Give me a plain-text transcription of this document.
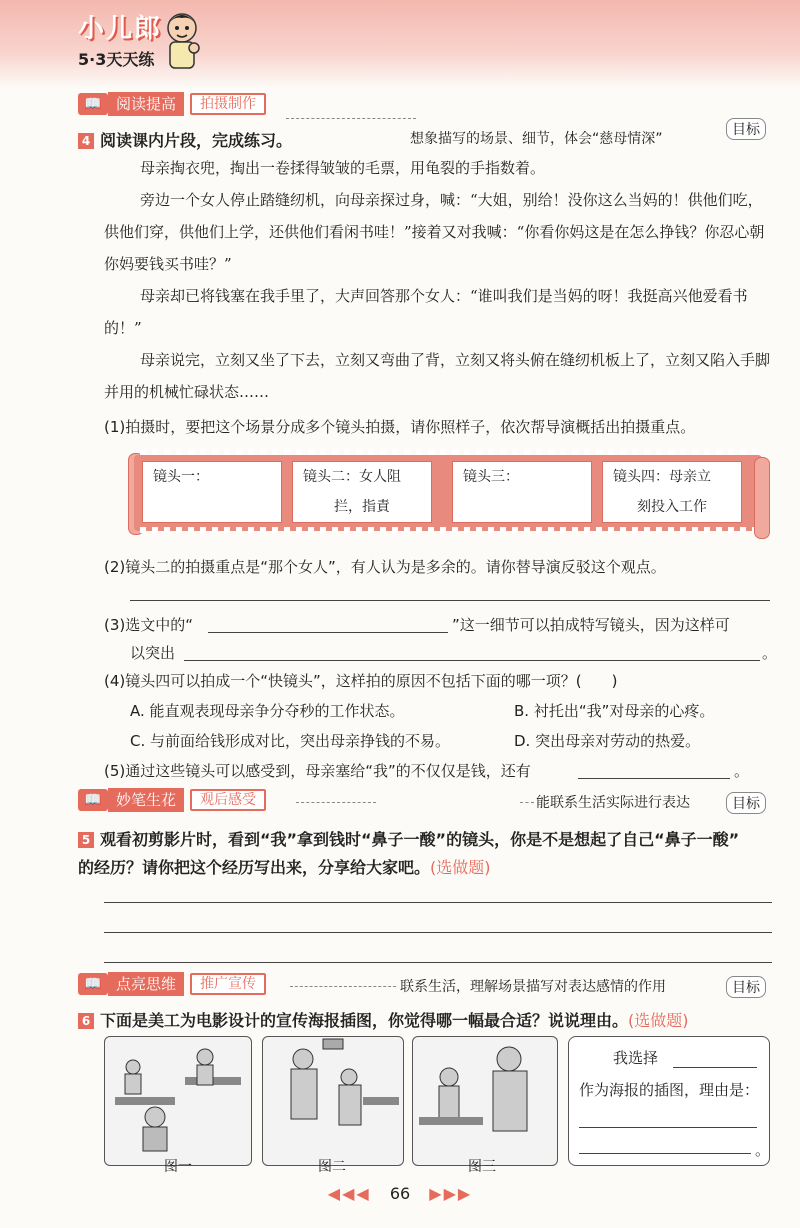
小儿郎
5·3天天练
📖 阅读提高	拍摄制作
想象描写的场景、细节，体会“慈母情深”
目标
4 阅读课内片段，完成练习。
母亲掏衣兜，掏出一卷揉得皱皱的毛票，用龟裂的手指数着。
旁边一个女人停止踏缝纫机，向母亲探过身，喊：“大姐，别给！没你这么当妈的！供他们吃，供他们穿，供他们上学，还供他们看闲书哇！”接着又对我喊：“你看你妈这是在怎么挣钱？你忍心朝你妈要钱买书哇？”
母亲却已将钱塞在我手里了，大声回答那个女人：“谁叫我们是当妈的呀！我挺高兴他爱看书的！”
母亲说完，立刻又坐了下去，立刻又弯曲了背，立刻又将头俯在缝纫机板上了，立刻又陷入手脚并用的机械忙碌状态……
(1)拍摄时，要把这个场景分成多个镜头拍摄，请你照样子，依次帮导演概括出拍摄重点。
镜头一：	镜头二：女人阻
拦，指責
镜头三：	镜头四：母亲立
刻投入工作
(2)镜头二的拍摄重点是“那个女人”，有人认为是多余的。请你替导演反驳这个观点。
(3)选文中的“	”这一细节可以拍成特写镜头，因为这样可
以突出	。
(4)镜头四可以拍成一个“快镜头”，这样拍的原因不包括下面的哪一项？(　　)
A. 能直观表现母亲争分夺秒的工作状态。	B. 衬托出“我”对母亲的心疼。
C. 与前面给钱形成对比，突出母亲挣钱的不易。	D. 突出母亲对劳动的热爱。
(5)通过这些镜头可以感受到，母亲塞给“我”的不仅仅是钱，还有	。
📖 妙笔生花	观后感受	能联系生活实际进行表达	目标
5 观看初剪影片时，看到“我”拿到钱时“鼻子一酸”的镜头，你是不是想起了自己“鼻子一酸”
的经历？请你把这个经历写出来，分享给大家吧。(选做题)
📖 点亮思维	推广宣传	联系生活，理解场景描写对表达感情的作用	目标
6 下面是美工为电影设计的宣传海报插图，你觉得哪一幅最合适？说说理由。(选做题)
图一	图二	图三
我选择
作为海报的插图，理由是：
。
◀◀◀ 66 ▶▶▶
